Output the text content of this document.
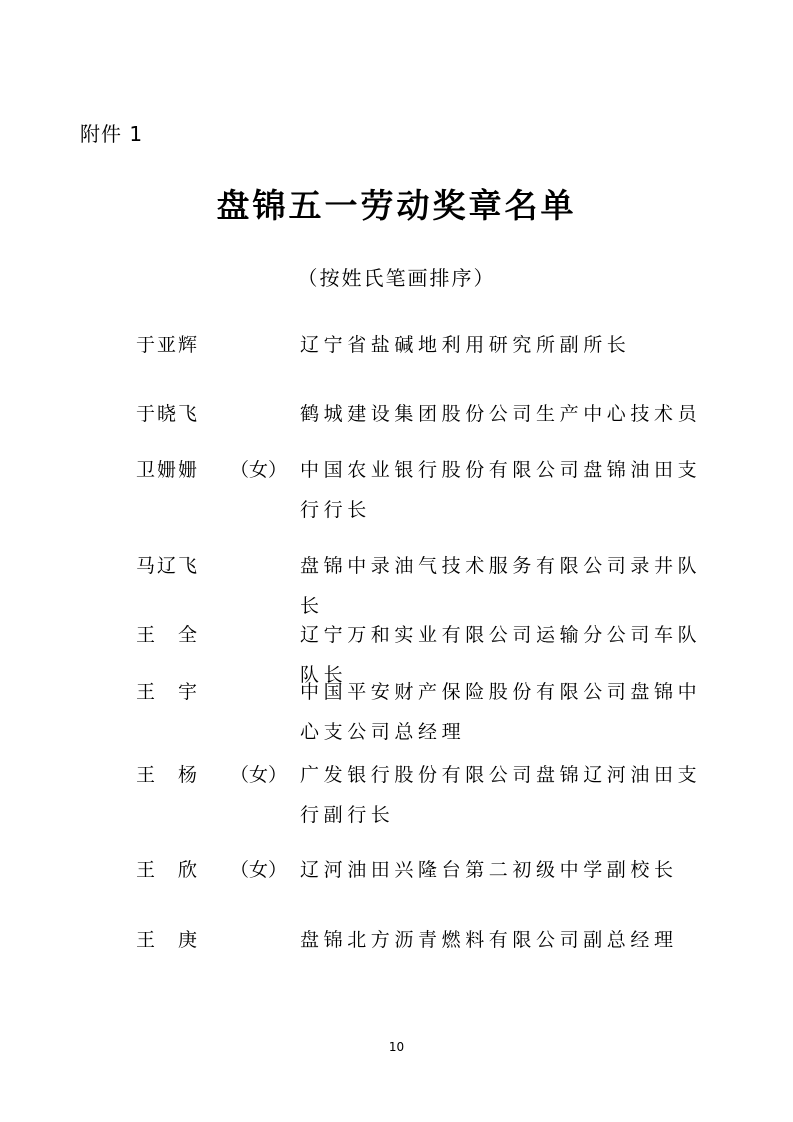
附件 1
盘锦五一劳动奖章名单
（按姓氏笔画排序）
于亚辉	辽宁省盐碱地利用研究所副所长
于晓飞	鹤城建设集团股份公司生产中心技术员
卫姗姗 （女） 中国农业银行股份有限公司盘锦油田支行行长
马辽飞	盘锦中录油气技术服务有限公司录井队长
王　全	辽宁万和实业有限公司运输分公司车队队长
王　宇	中国平安财产保险股份有限公司盘锦中心支公司总经理
王　杨 （女） 广发银行股份有限公司盘锦辽河油田支行副行长
王　欣 （女） 辽河油田兴隆台第二初级中学副校长
王　庚	盘锦北方沥青燃料有限公司副总经理
10
